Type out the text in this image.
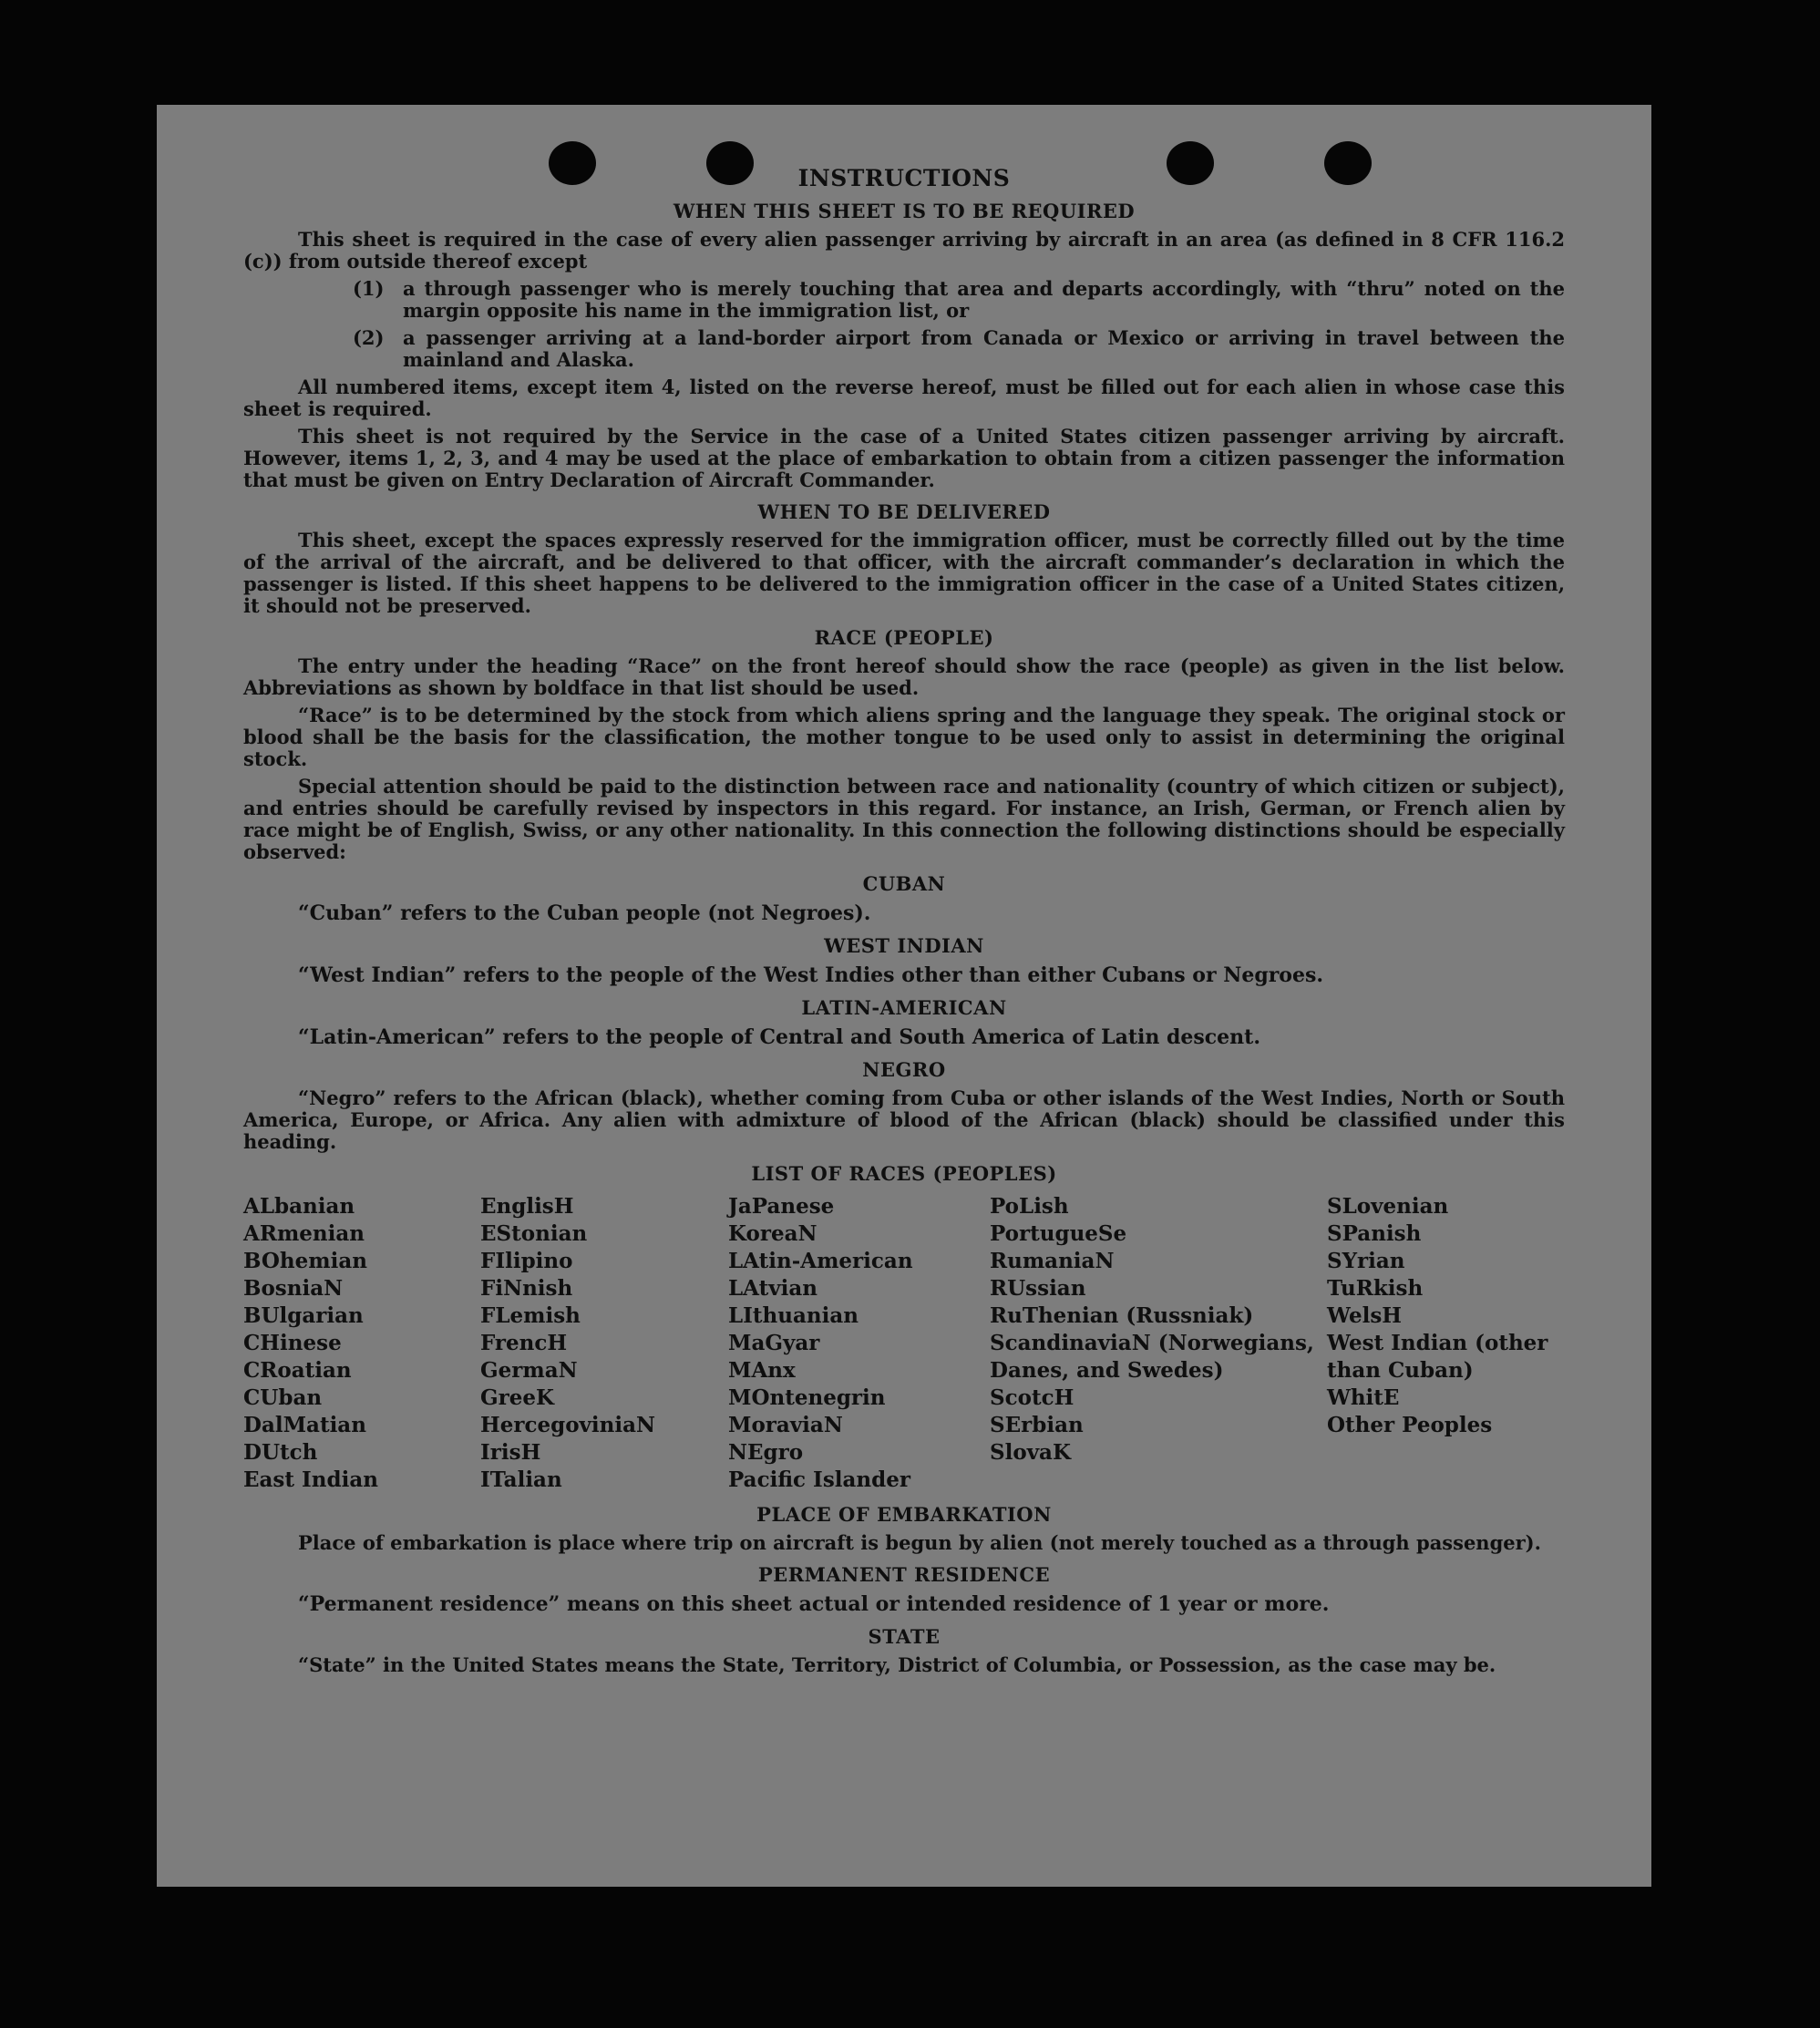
INSTRUCTIONS
WHEN THIS SHEET IS TO BE REQUIRED

This sheet is required in the case of every alien passenger arriving by aircraft in an area (as defined in 8 CFR 116.2 (c)) from outside thereof except

(1) a through passenger who is merely touching that area and departs accordingly, with “thru” noted on the margin opposite his name in the immigration list, or
(2) a passenger arriving at a land-border airport from Canada or Mexico or arriving in travel between the mainland and Alaska.

All numbered items, except item 4, listed on the reverse hereof, must be filled out for each alien in whose case this sheet is required.

This sheet is not required by the Service in the case of a United States citizen passenger arriving by aircraft. However, items 1, 2, 3, and 4 may be used at the place of embarkation to obtain from a citizen passenger the information that must be given on Entry Declaration of Aircraft Commander.

WHEN TO BE DELIVERED

This sheet, except the spaces expressly reserved for the immigration officer, must be correctly filled out by the time of the arrival of the aircraft, and be delivered to that officer, with the aircraft commander’s declaration in which the passenger is listed. If this sheet happens to be delivered to the immigration officer in the case of a United States citizen, it should not be preserved.

RACE (PEOPLE)

The entry under the heading “Race” on the front hereof should show the race (people) as given in the list below. Abbreviations as shown by boldface in that list should be used.

“Race” is to be determined by the stock from which aliens spring and the language they speak. The original stock or blood shall be the basis for the classification, the mother tongue to be used only to assist in determining the original stock.

Special attention should be paid to the distinction between race and nationality (country of which citizen or subject), and entries should be carefully revised by inspectors in this regard. For instance, an Irish, German, or French alien by race might be of English, Swiss, or any other nationality. In this connection the following distinctions should be especially observed:

CUBAN
“Cuban” refers to the Cuban people (not Negroes).
WEST INDIAN
“West Indian” refers to the people of the West Indies other than either Cubans or Negroes.
LATIN-AMERICAN
“Latin-American” refers to the people of Central and South America of Latin descent.
NEGRO

“Negro” refers to the African (black), whether coming from Cuba or other islands of the West Indies, North or South America, Europe, or Africa. Any alien with admixture of blood of the African (black) should be classified under this heading.

LIST OF RACES (PEOPLES)
ALbanian
ARmenian
BOhemian
BosniaN
BUlgarian
CHinese
CRoatian
CUban
DalMatian
DUtch
East Indian
EnglisH
EStonian
FIlipino
FiNnish
FLemish
FrencH
GermaN
GreeK
HercegoviniaN
IrisH
ITalian
JaPanese
KoreaN
LAtin-American
LAtvian
LIthuanian
MaGyar
MAnx
MOntenegrin
MoraviaN
NEgro
Pacific Islander
PoLish
PortugueSe
RumaniaN
RUssian
RuThenian (Russniak)
ScandinaviaN (Norwegians, Danes, and Swedes)
ScotcH
SErbian
SlovaK
SLovenian
SPanish
SYrian
TuRkish
WelsH
West Indian (other than Cuban)
WhitE
Other Peoples
PLACE OF EMBARKATION

Place of embarkation is place where trip on aircraft is begun by alien (not merely touched as a through passenger).

PERMANENT RESIDENCE
“Permanent residence” means on this sheet actual or intended residence of 1 year or more.
STATE

“State” in the United States means the State, Territory, District of Columbia, or Possession, as the case may be.
